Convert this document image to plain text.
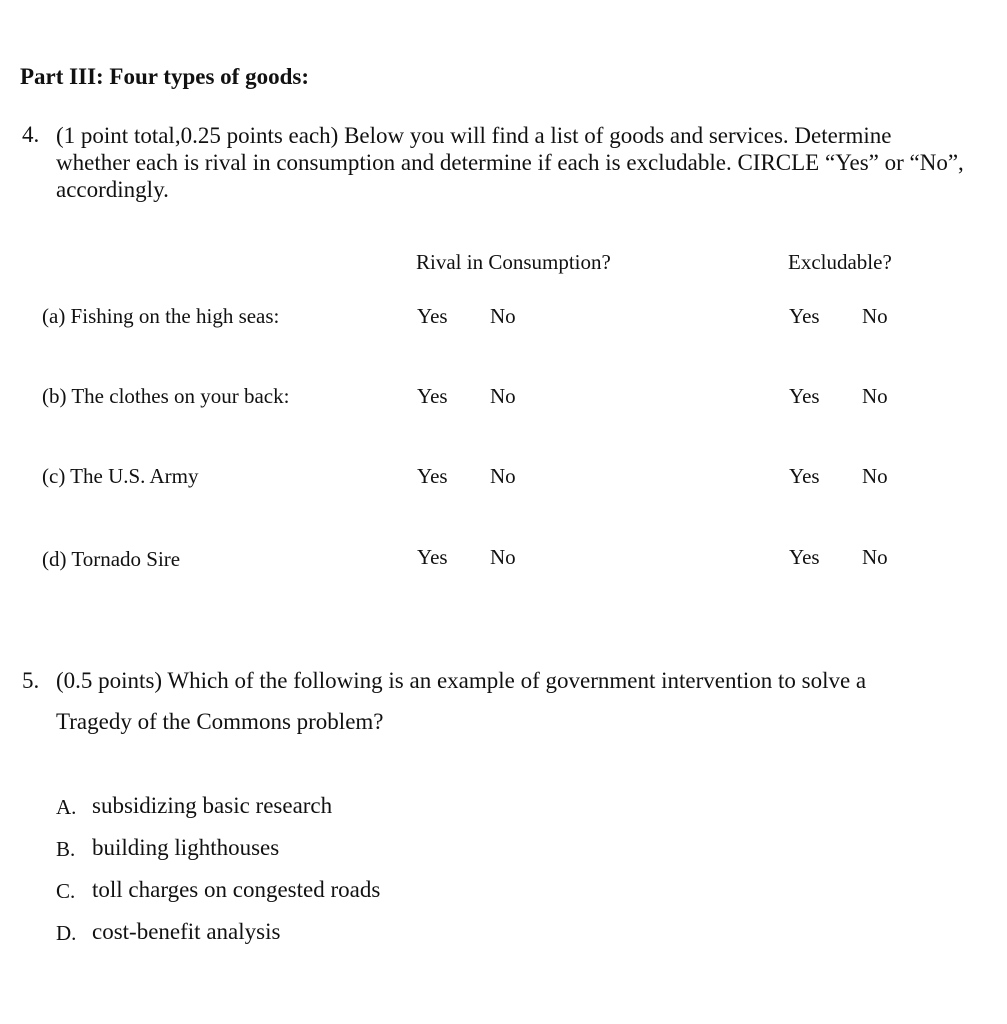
Part III: Four types of goods:
4. (1 point total,0.25 points each) Below you will find a list of goods and services. Determine whether each is rival in consumption and determine if each is excludable. CIRCLE “Yes” or “No”, accordingly.
Rival in Consumption?	Excludable?
(a) Fishing on the high seas:	Yes No	Yes No
(b) The clothes on your back:	Yes No	Yes No
(c) The U.S. Army	Yes No	Yes No
(d) Tornado Sire	Yes No	Yes No
5. (0.5 points) Which of the following is an example of government intervention to solve a
Tragedy of the Commons problem?
A. subsidizing basic research
B. building lighthouses
C. toll charges on congested roads
D. cost-benefit analysis
